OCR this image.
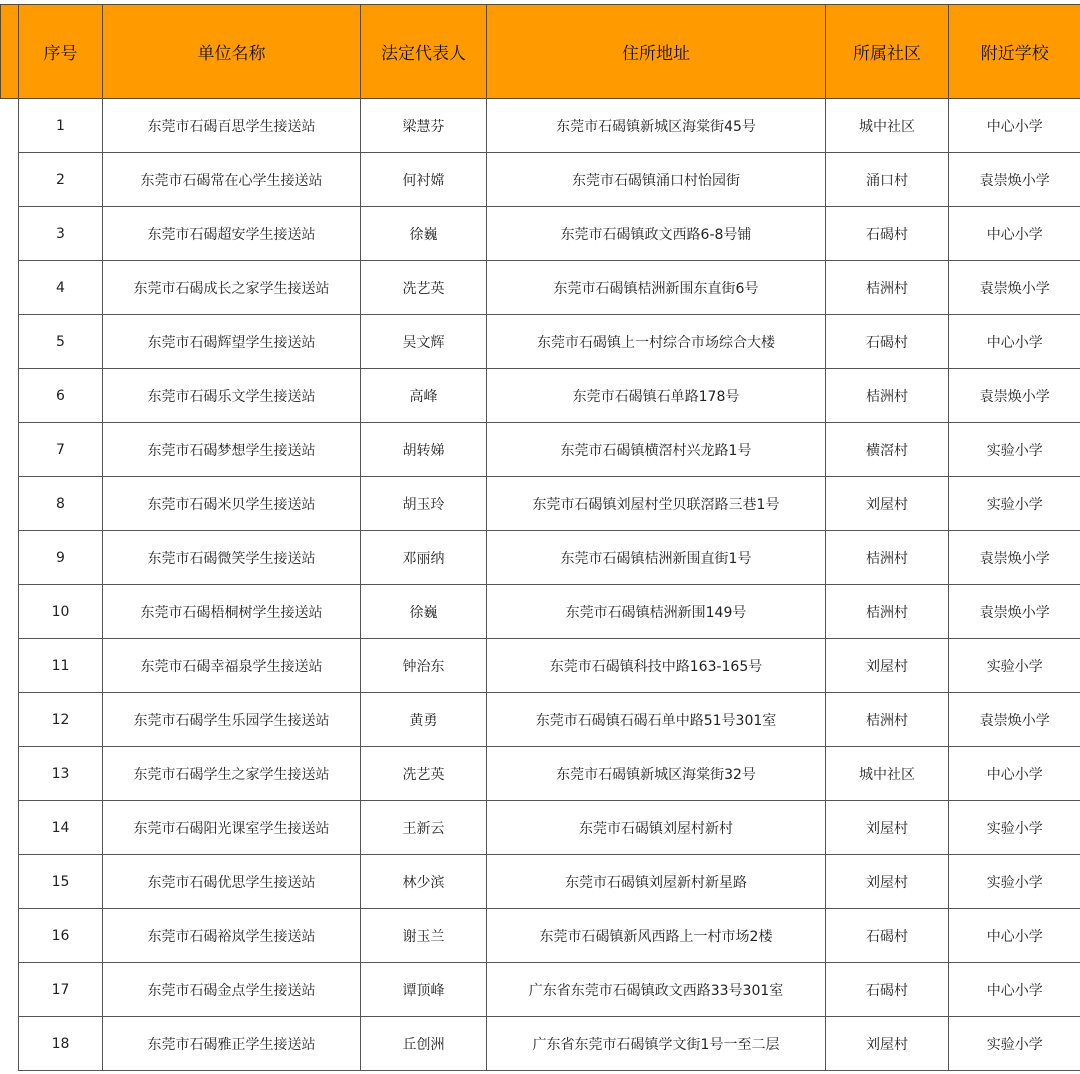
	序号	单位名称	法定代表人	住所地址	所属社区	附近学校
	1	东莞市石碣百思学生接送站	梁慧芬	东莞市石碣镇新城区海棠街45号	城中社区	中心小学
	2	东莞市石碣常在心学生接送站	何衬嫦	东莞市石碣镇涌口村怡园街	涌口村	袁崇焕小学
	3	东莞市石碣超安学生接送站	徐巍	东莞市石碣镇政文西路6-8号铺	石碣村	中心小学
	4	东莞市石碣成长之家学生接送站	冼艺英	东莞市石碣镇桔洲新围东直街6号	桔洲村	袁崇焕小学
	5	东莞市石碣辉望学生接送站	吴文辉	东莞市石碣镇上一村综合市场综合大楼	石碣村	中心小学
	6	东莞市石碣乐文学生接送站	高峰	东莞市石碣镇石单路178号	桔洲村	袁崇焕小学
	7	东莞市石碣梦想学生接送站	胡转娣	东莞市石碣镇横滘村兴龙路1号	横滘村	实验小学
	8	东莞市石碣米贝学生接送站	胡玉玲	东莞市石碣镇刘屋村坣贝联滘路三巷1号	刘屋村	实验小学
	9	东莞市石碣微笑学生接送站	邓丽纳	东莞市石碣镇桔洲新围直街1号	桔洲村	袁崇焕小学
	10	东莞市石碣梧桐树学生接送站	徐巍	东莞市石碣镇桔洲新围149号	桔洲村	袁崇焕小学
	11	东莞市石碣幸福泉学生接送站	钟治东	东莞市石碣镇科技中路163-165号	刘屋村	实验小学
	12	东莞市石碣学生乐园学生接送站	黄勇	东莞市石碣镇石碣石单中路51号301室	桔洲村	袁崇焕小学
	13	东莞市石碣学生之家学生接送站	冼艺英	东莞市石碣镇新城区海棠街32号	城中社区	中心小学
	14	东莞市石碣阳光课室学生接送站	王新云	东莞市石碣镇刘屋村新村	刘屋村	实验小学
	15	东莞市石碣优思学生接送站	林少滨	东莞市石碣镇刘屋新村新星路	刘屋村	实验小学
	16	东莞市石碣裕岚学生接送站	谢玉兰	东莞市石碣镇新风西路上一村市场2楼	石碣村	中心小学
	17	东莞市石碣金点学生接送站	谭顶峰	广东省东莞市石碣镇政文西路33号301室	石碣村	中心小学
	18	东莞市石碣雅正学生接送站	丘创洲	广东省东莞市石碣镇学文街1号一至二层	刘屋村	实验小学
